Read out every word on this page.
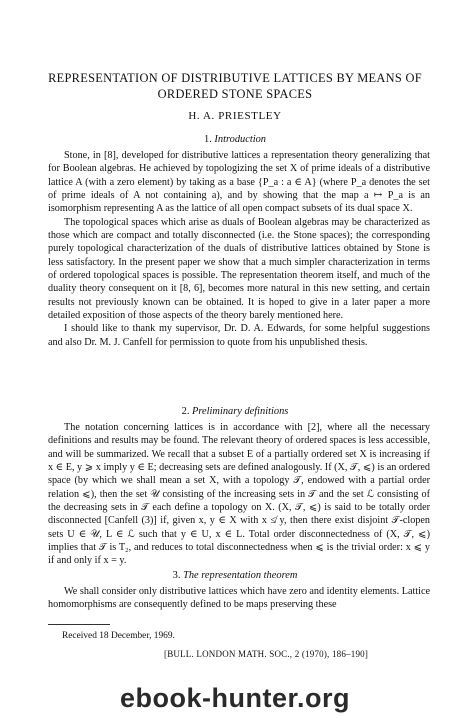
REPRESENTATION OF DISTRIBUTIVE LATTICES BY MEANS OF ORDERED STONE SPACES
H. A. PRIESTLEY
1. Introduction

Stone, in [8], developed for distributive lattices a representation theory generalizing that for Boolean algebras. He achieved by topologizing the set X of prime ideals of a distributive lattice A (with a zero element) by taking as a base {P_a : a ∈ A} (where P_a denotes the set of prime ideals of A not containing a), and by showing that the map a ↦ P_a is an isomorphism representing A as the lattice of all open compact subsets of its dual space X.

The topological spaces which arise as duals of Boolean algebras may be characterized as those which are compact and totally disconnected (i.e. the Stone spaces); the corresponding purely topological characterization of the duals of distributive lattices obtained by Stone is less satisfactory. In the present paper we show that a much simpler characterization in terms of ordered topological spaces is possible. The representation theorem itself, and much of the duality theory consequent on it [8, 6], becomes more natural in this new setting, and certain results not previously known can be obtained. It is hoped to give in a later paper a more detailed exposition of those aspects of the theory barely mentioned here.

I should like to thank my supervisor, Dr. D. A. Edwards, for some helpful suggestions and also Dr. M. J. Canfell for permission to quote from his unpublished thesis.

2. Preliminary definitions

The notation concerning lattices is in accordance with [2], where all the necessary definitions and results may be found. The relevant theory of ordered spaces is less accessible, and will be summarized. We recall that a subset E of a partially ordered set X is increasing if x ∈ E, y ⩾ x imply y ∈ E; decreasing sets are defined analogously. If (X, 𝒯, ⩽) is an ordered space (by which we shall mean a set X, with a topology 𝒯, endowed with a partial order relation ⩽), then the set 𝒰 consisting of the increasing sets in 𝒯 and the set ℒ consisting of the decreasing sets in 𝒯 each define a topology on X. (X, 𝒯, ⩽) is said to be totally order disconnected [Canfell (3)] if, given x, y ∈ X with x ≰ y, then there exist disjoint 𝒯-clopen sets U ∈ 𝒰, L ∈ ℒ such that y ∈ U, x ∈ L. Total order disconnectedness of (X, 𝒯, ⩽) implies that 𝒯 is T₂, and reduces to total disconnectedness when ⩽ is the trivial order: x ⩽ y if and only if x = y.

3. The representation theorem

We shall consider only distributive lattices which have zero and identity elements. Lattice homomorphisms are consequently defined to be maps preserving these

Received 18 December, 1969.
[BULL. LONDON MATH. SOC., 2 (1970), 186–190]
ebook-hunter.org
